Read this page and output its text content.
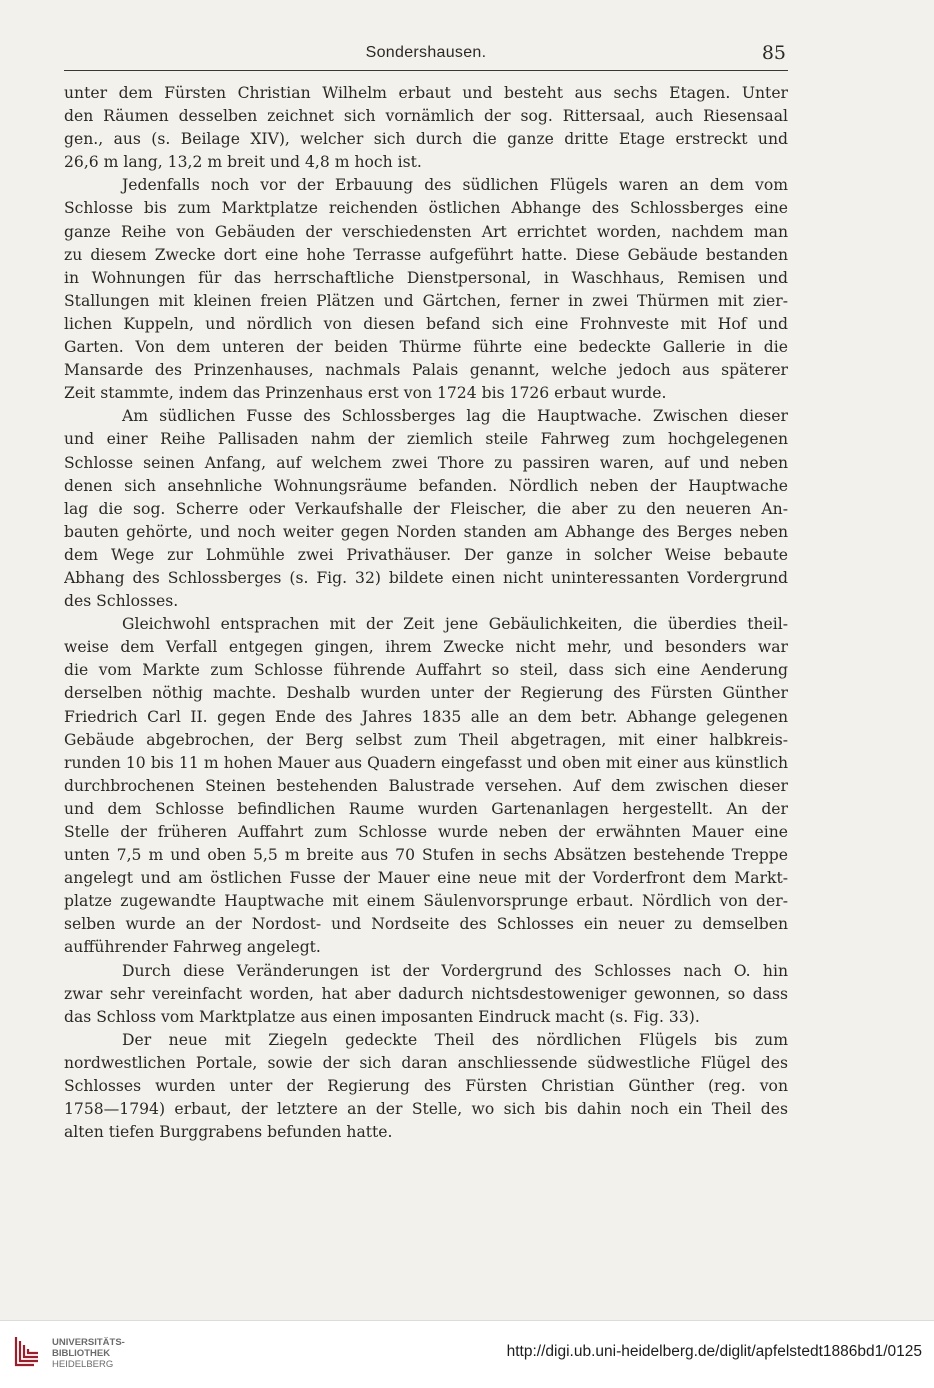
Sondershausen.	85
unter dem Fürsten Christian Wilhelm erbaut und besteht aus sechs Etagen. Unter
den Räumen desselben zeichnet sich vornämlich der sog. Rittersaal, auch Riesensaal
gen., aus (s. Beilage XIV), welcher sich durch die ganze dritte Etage erstreckt und
26,6 m lang, 13,2 m breit und 4,8 m hoch ist.
Jedenfalls noch vor der Erbauung des südlichen Flügels waren an dem vom
Schlosse bis zum Marktplatze reichenden östlichen Abhange des Schlossberges eine
ganze Reihe von Gebäuden der verschiedensten Art errichtet worden, nachdem man
zu diesem Zwecke dort eine hohe Terrasse aufgeführt hatte. Diese Gebäude bestanden
in Wohnungen für das herrschaftliche Dienstpersonal, in Waschhaus, Remisen und
Stallungen mit kleinen freien Plätzen und Gärtchen, ferner in zwei Thürmen mit zier-
lichen Kuppeln, und nördlich von diesen befand sich eine Frohnveste mit Hof und
Garten. Von dem unteren der beiden Thürme führte eine bedeckte Gallerie in die
Mansarde des Prinzenhauses, nachmals Palais genannt, welche jedoch aus späterer
Zeit stammte, indem das Prinzenhaus erst von 1724 bis 1726 erbaut wurde.
Am südlichen Fusse des Schlossberges lag die Hauptwache. Zwischen dieser
und einer Reihe Pallisaden nahm der ziemlich steile Fahrweg zum hochgelegenen
Schlosse seinen Anfang, auf welchem zwei Thore zu passiren waren, auf und neben
denen sich ansehnliche Wohnungsräume befanden. Nördlich neben der Hauptwache
lag die sog. Scherre oder Verkaufshalle der Fleischer, die aber zu den neueren An-
bauten gehörte, und noch weiter gegen Norden standen am Abhange des Berges neben
dem Wege zur Lohmühle zwei Privathäuser. Der ganze in solcher Weise bebaute
Abhang des Schlossberges (s. Fig. 32) bildete einen nicht uninteressanten Vordergrund
des Schlosses.
Gleichwohl entsprachen mit der Zeit jene Gebäulichkeiten, die überdies theil-
weise dem Verfall entgegen gingen, ihrem Zwecke nicht mehr, und besonders war
die vom Markte zum Schlosse führende Auffahrt so steil, dass sich eine Aenderung
derselben nöthig machte. Deshalb wurden unter der Regierung des Fürsten Günther
Friedrich Carl II. gegen Ende des Jahres 1835 alle an dem betr. Abhange gelegenen
Gebäude abgebrochen, der Berg selbst zum Theil abgetragen, mit einer halbkreis-
runden 10 bis 11 m hohen Mauer aus Quadern eingefasst und oben mit einer aus künstlich
durchbrochenen Steinen bestehenden Balustrade versehen. Auf dem zwischen dieser
und dem Schlosse befindlichen Raume wurden Gartenanlagen hergestellt. An der
Stelle der früheren Auffahrt zum Schlosse wurde neben der erwähnten Mauer eine
unten 7,5 m und oben 5,5 m breite aus 70 Stufen in sechs Absätzen bestehende Treppe
angelegt und am östlichen Fusse der Mauer eine neue mit der Vorderfront dem Markt-
platze zugewandte Hauptwache mit einem Säulenvorsprunge erbaut. Nördlich von der-
selben wurde an der Nordost- und Nordseite des Schlosses ein neuer zu demselben
aufführender Fahrweg angelegt.
Durch diese Veränderungen ist der Vordergrund des Schlosses nach O. hin
zwar sehr vereinfacht worden, hat aber dadurch nichtsdestoweniger gewonnen, so dass
das Schloss vom Marktplatze aus einen imposanten Eindruck macht (s. Fig. 33).
Der neue mit Ziegeln gedeckte Theil des nördlichen Flügels bis zum
nordwestlichen Portale, sowie der sich daran anschliessende südwestliche Flügel des
Schlosses wurden unter der Regierung des Fürsten Christian Günther (reg. von
1758—1794) erbaut, der letztere an der Stelle, wo sich bis dahin noch ein Theil des
alten tiefen Burggrabens befunden hatte.
UNIVERSITÄTS-
BIBLIOTHEK
HEIDELBERG
http://digi.ub.uni-heidelberg.de/diglit/apfelstedt1886bd1/0125
